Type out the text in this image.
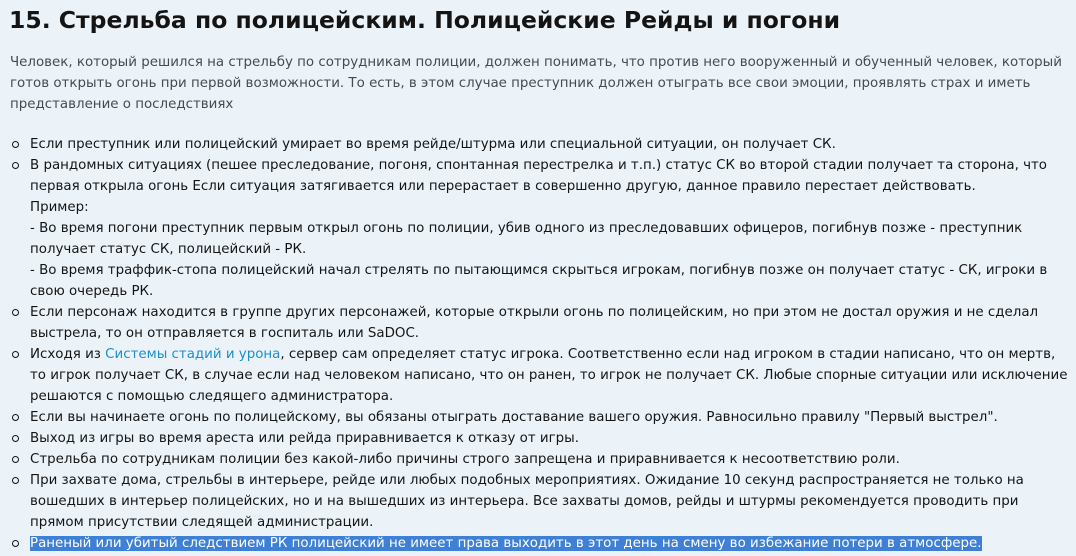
15. Стрельба по полицейским. Полицейские Рейды и погони

Человек, который решился на стрельбу по сотрудникам полиции, должен понимать, что против него вооруженный и обученный человек, который готов открыть огонь при первой возможности. То есть, в этом случае преступник должен отыграть все свои эмоции, проявлять страх и иметь представление о последствиях

Если преступник или полицейский умирает во время рейде/штурма или специальной ситуации, он получает СК.
В рандомных ситуациях (пешее преследование, погоня, спонтанная перестрелка и т.п.) статус СК во второй стадии получает та сторона, что первая открыла огонь Если ситуация затягивается или перерастает в совершенно другую, данное правило перестает действовать.
Пример:
- Во время погони преступник первым открыл огонь по полиции, убив одного из преследовавших офицеров, погибнув позже - преступник получает статус СК, полицейский - РК.
- Во время траффик-стопа полицейский начал стрелять по пытающимся скрыться игрокам, погибнув позже он получает статус - СК, игроки в свою очередь РК.
Если персонаж находится в группе других персонажей, которые открыли огонь по полицейским, но при этом не достал оружия и не сделал выстрела, то он отправляется в госпиталь или SaDOC.
Исходя из Системы стадий и урона, сервер сам определяет статус игрока. Соответственно если над игроком в стадии написано, что он мертв, то игрок получает СК, в случае если над человеком написано, что он ранен, то игрок не получает СК. Любые спорные ситуации или исключение решаются с помощью следящего администратора.
Если вы начинаете огонь по полицейскому, вы обязаны отыграть доставание вашего оружия. Равносильно правилу "Первый выстрел".
Выход из игры во время ареста или рейда приравнивается к отказу от игры.
Стрельба по сотрудникам полиции без какой-либо причины строго запрещена и приравнивается к несоответствию роли.
При захвате дома, стрельбы в интерьере, рейде или любых подобных мероприятиях. Ожидание 10 секунд распространяется не только на вошедших в интерьер полицейских, но и на вышедших из интерьера. Все захваты домов, рейды и штурмы рекомендуется проводить при прямом присутствии следящей администрации.
Раненый или убитый следствием РК полицейский не имеет права выходить в этот день на смену во избежание потери в атмосфере.
